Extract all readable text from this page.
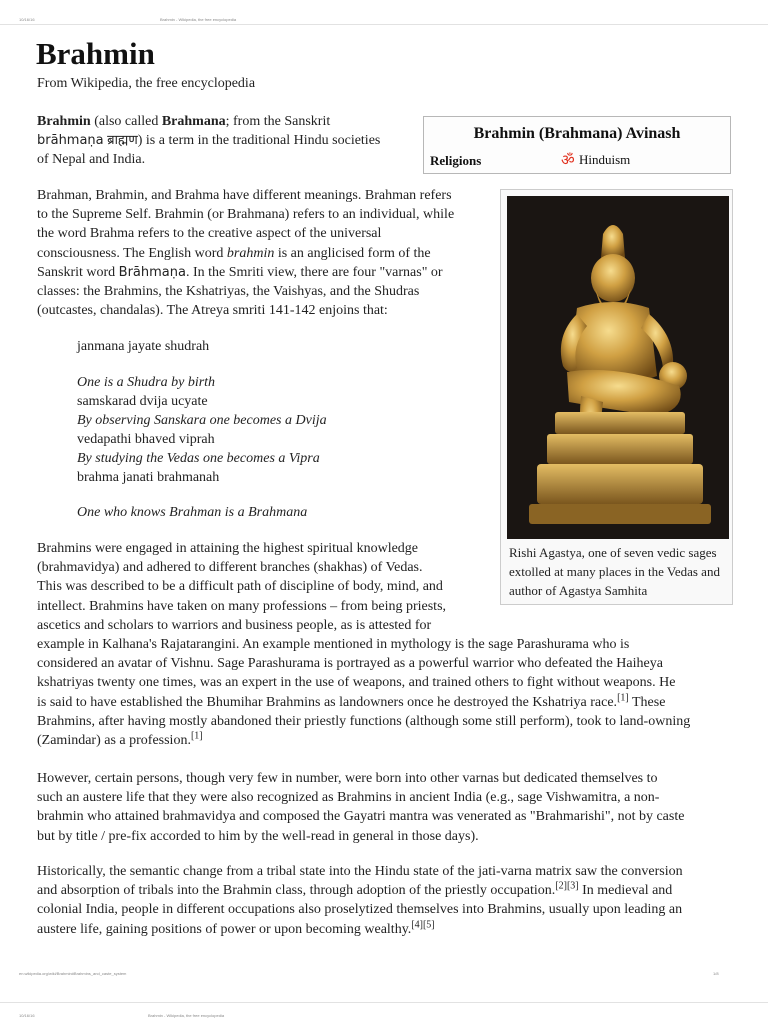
10/16/16	Brahmin - Wikipedia, the free encyclopedia
Brahmin
From Wikipedia, the free encyclopedia
Brahmin (also called Brahmana; from the Sanskrit
brāhmaṇa ब्राह्मण) is a term in the traditional Hindu societies
of Nepal and India.
Brahmin (Brahmana) Avinash
Religions	ॐ Hinduism
Brahman, Brahmin, and Brahma have different meanings. Brahman refers
to the Supreme Self. Brahmin (or Brahmana) refers to an individual, while
the word Brahma refers to the creative aspect of the universal
consciousness. The English word brahmin is an anglicised form of the
Sanskrit word Brāhmaṇa. In the Smriti view, there are four "varnas" or
classes: the Brahmins, the Kshatriyas, the Vaishyas, and the Shudras
(outcastes, chandalas). The Atreya smriti 141-142 enjoins that:
janmana jayate shudrah
One is a Shudra by birth
samskarad dvija ucyate
By observing Sanskara one becomes a Dvija
vedapathi bhaved viprah
By studying the Vedas one becomes a Vipra
brahma janati brahmanah
One who knows Brahman is a Brahmana
Rishi Agastya, one of seven vedic sages extolled at many places in the Vedas and author of Agastya Samhita
Brahmins were engaged in attaining the highest spiritual knowledge
(brahmavidya) and adhered to different branches (shakhas) of Vedas.
This was described to be a difficult path of discipline of body, mind, and
intellect. Brahmins have taken on many professions – from being priests,
ascetics and scholars to warriors and business people, as is attested for
example in Kalhana's Rajatarangini. An example mentioned in mythology is the sage Parashurama who is
considered an avatar of Vishnu. Sage Parashurama is portrayed as a powerful warrior who defeated the Haiheya
kshatriyas twenty one times, was an expert in the use of weapons, and trained others to fight without weapons. He
is said to have established the Bhumihar Brahmins as landowners once he destroyed the Kshatriya race.[1] These
Brahmins, after having mostly abandoned their priestly functions (although some still perform), took to land-owning
(Zamindar) as a profession.[1]
However, certain persons, though very few in number, were born into other varnas but dedicated themselves to
such an austere life that they were also recognized as Brahmins in ancient India (e.g., sage Vishwamitra, a non-
brahmin who attained brahmavidya and composed the Gayatri mantra was venerated as "Brahmarishi", not by caste
but by title / pre-fix accorded to him by the well-read in general in those days).
Historically, the semantic change from a tribal state into the Hindu state of the jati-varna matrix saw the conversion
and absorption of tribals into the Brahmin class, through adoption of the priestly occupation.[2][3] In medieval and
colonial India, people in different occupations also proselytized themselves into Brahmins, usually upon leading an
austere life, gaining positions of power or upon becoming wealthy.[4][5]
en.wikipedia.org/wiki/Brahmin#Brahmins_and_caste_system	1/8
10/16/16	Brahmin - Wikipedia, the free encyclopedia
